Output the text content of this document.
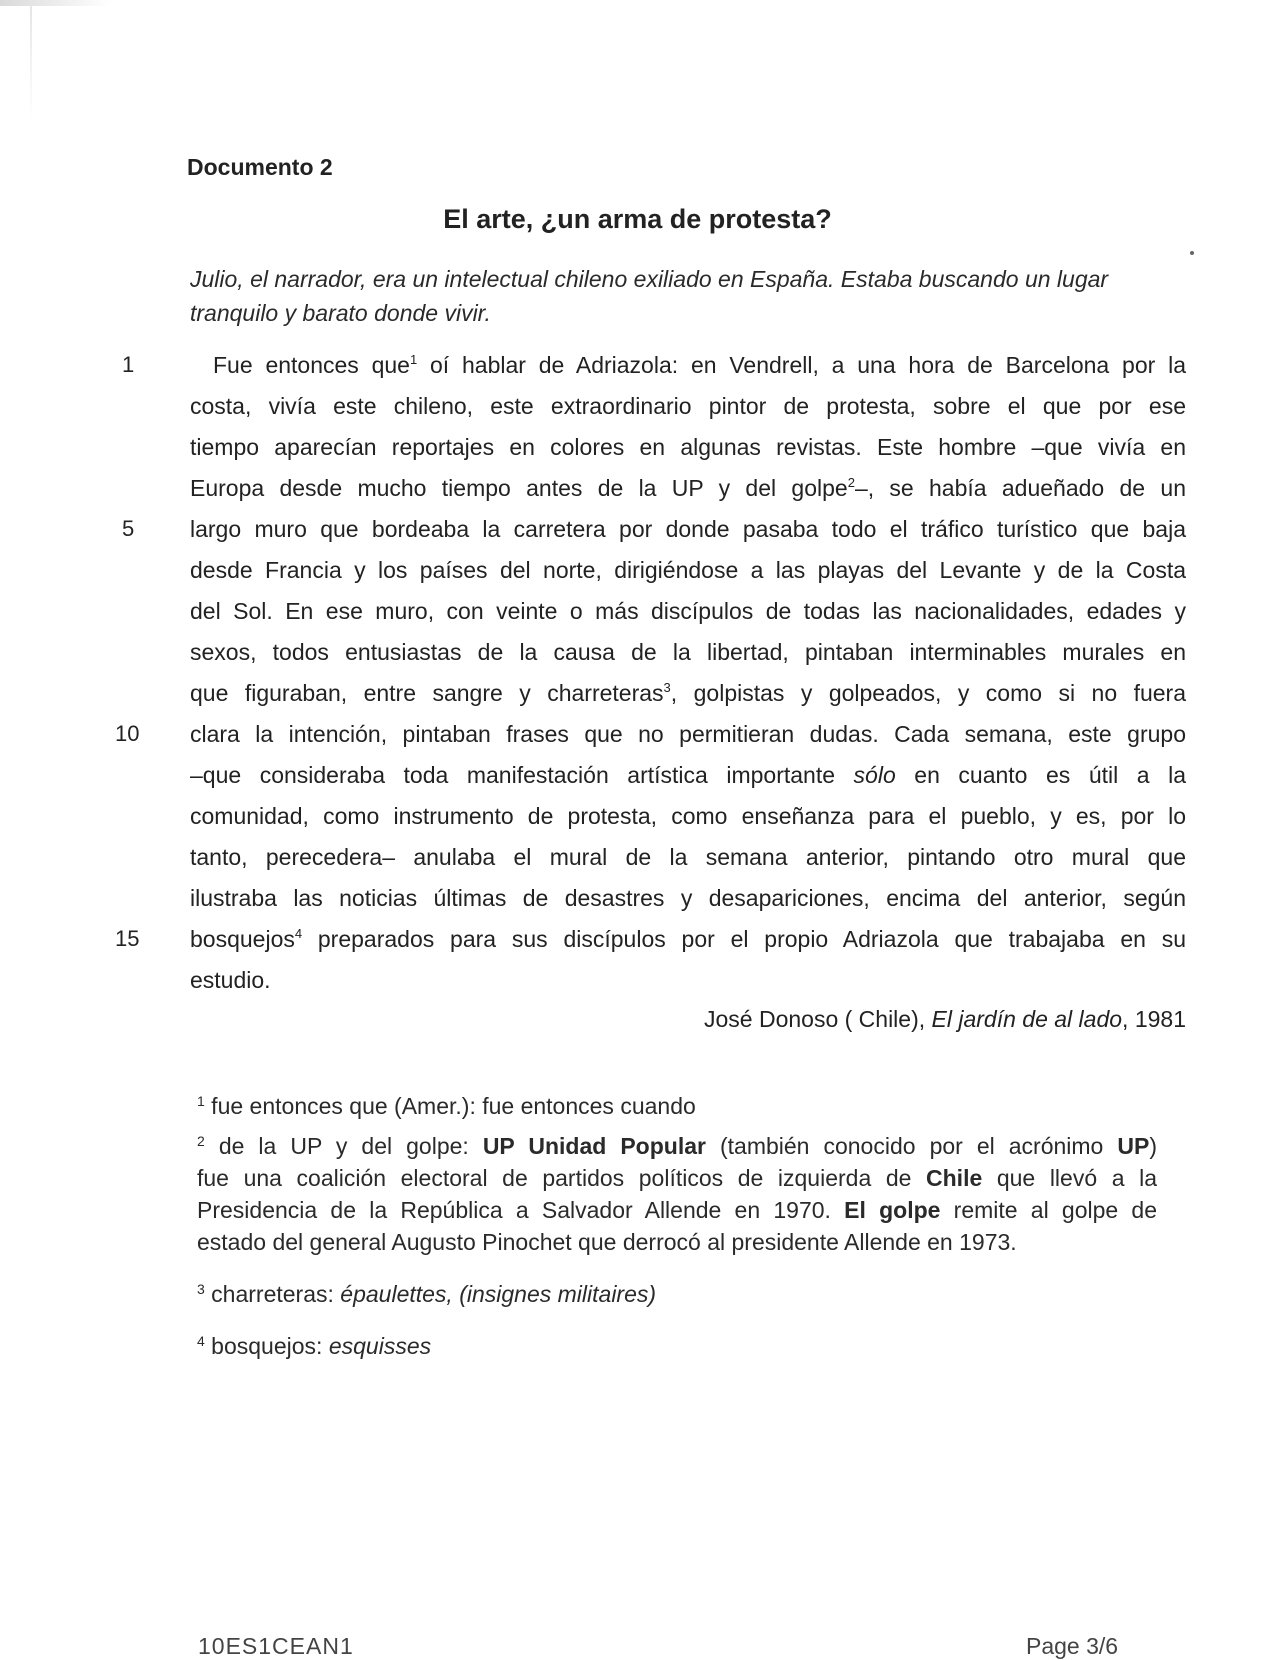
Documento 2
El arte, ¿un arma de protesta?
Julio, el narrador, era un intelectual chileno exiliado en España. Estaba buscando un lugar tranquilo y barato donde vivir.
1
5
10
15
Fue entonces que$^1$ oí hablar de Adriazola: en Vendrell, a una hora de Barcelona por la
costa, vivía este chileno, este extraordinario pintor de protesta, sobre el que por ese
tiempo aparecían reportajes en colores en algunas revistas. Este hombre –que vivía en
Europa desde mucho tiempo antes de la UP y del golpe$^2$–, se había adueñado de un
largo muro que bordeaba la carretera por donde pasaba todo el tráfico turístico que baja
desde Francia y los países del norte, dirigiéndose a las playas del Levante y de la Costa
del Sol. En ese muro, con veinte o más discípulos de todas las nacionalidades, edades y
sexos, todos entusiastas de la causa de la libertad, pintaban interminables murales en
que figuraban, entre sangre y charreteras$^3$, golpistas y golpeados, y como si no fuera
clara la intención, pintaban frases que no permitieran dudas. Cada semana, este grupo
–que consideraba toda manifestación artística importante sólo en cuanto es útil a la
comunidad, como instrumento de protesta, como enseñanza para el pueblo, y es, por lo
tanto, perecedera– anulaba el mural de la semana anterior, pintando otro mural que
ilustraba las noticias últimas de desastres y desapariciones, encima del anterior, según
bosquejos$^4$ preparados para sus discípulos por el propio Adriazola que trabajaba en su
estudio.
José Donoso ( Chile), El jardín de al lado, 1981
$^1$ fue entonces que (Amer.): fue entonces cuando
$^2$ de la UP y del golpe: UP Unidad Popular (también conocido por el acrónimo UP)
fue una coalición electoral de partidos políticos de izquierda de Chile que llevó a la
Presidencia de la República a Salvador Allende en 1970. El golpe remite al golpe de
estado del general Augusto Pinochet que derrocó al presidente Allende en 1973.
$^3$ charreteras: épaulettes, (insignes militaires)
$^4$ bosquejos: esquisses
10ES1CEAN1	Page 3/6
